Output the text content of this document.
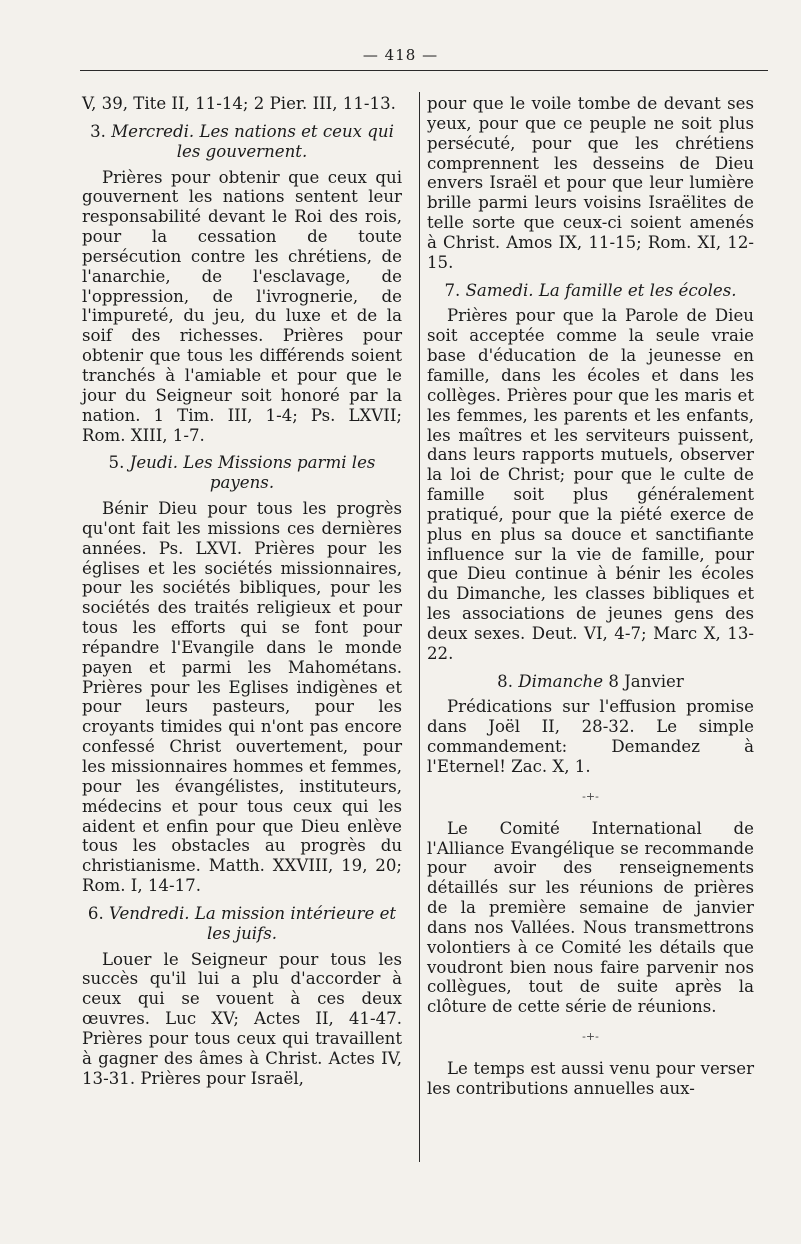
— 418 —

V, 39, Tite II, 11-14; 2 Pier. III, 11-13.

3. Mercredi. Les nations et ceux qui les gouvernent.

Prières pour obtenir que ceux qui gouvernent les nations sentent leur responsabilité devant le Roi des rois, pour la cessation de toute persécution contre les chrétiens, de l'anarchie, de l'esclavage, de l'oppression, de l'ivrognerie, de l'impureté, du jeu, du luxe et de la soif des richesses. Prières pour obtenir que tous les différends soient tranchés à l'amiable et pour que le jour du Seigneur soit honoré par la nation. 1 Tim. III, 1-4; Ps. LXVII; Rom. XIII, 1-7.

5. Jeudi. Les Missions parmi les payens.

Bénir Dieu pour tous les progrès qu'ont fait les missions ces dernières années. Ps. LXVI. Prières pour les églises et les sociétés missionnaires, pour les sociétés bibliques, pour les sociétés des traités religieux et pour tous les efforts qui se font pour répandre l'Evangile dans le monde payen et parmi les Mahométans. Prières pour les Eglises indigènes et pour leurs pasteurs, pour les croyants timides qui n'ont pas encore confessé Christ ouvertement, pour les missionnaires hommes et femmes, pour les évangélistes, instituteurs, médecins et pour tous ceux qui les aident et enfin pour que Dieu enlève tous les obstacles au progrès du christianisme. Matth. XXVIII, 19, 20; Rom. I, 14-17.

6. Vendredi. La mission intérieure et les juifs.

Louer le Seigneur pour tous les succès qu'il lui a plu d'accorder à ceux qui se vouent à ces deux œuvres. Luc XV; Actes II, 41-47. Prières pour tous ceux qui travaillent à gagner des âmes à Christ. Actes IV, 13-31. Prières pour Israël,

pour que le voile tombe de devant ses yeux, pour que ce peuple ne soit plus persécuté, pour que les chrétiens comprennent les desseins de Dieu envers Israël et pour que leur lumière brille parmi leurs voisins Israëlites de telle sorte que ceux-ci soient amenés à Christ. Amos IX, 11-15; Rom. XI, 12-15.

7. Samedi. La famille et les écoles.

Prières pour que la Parole de Dieu soit acceptée comme la seule vraie base d'éducation de la jeunesse en famille, dans les écoles et dans les collèges. Prières pour que les maris et les femmes, les parents et les enfants, les maîtres et les serviteurs puissent, dans leurs rapports mutuels, observer la loi de Christ; pour que le culte de famille soit plus généralement pratiqué, pour que la piété exerce de plus en plus sa douce et sanctifiante influence sur la vie de famille, pour que Dieu continue à bénir les écoles du Dimanche, les classes bibliques et les associations de jeunes gens des deux sexes. Deut. VI, 4-7; Marc X, 13-22.

8. Dimanche 8 Janvier

Prédications sur l'effusion promise dans Joël II, 28-32. Le simple commandement: Demandez à l'Eternel! Zac. X, 1.

-+-

Le Comité International de l'Alliance Evangélique se recommande pour avoir des renseignements détaillés sur les réunions de prières de la première semaine de janvier dans nos Vallées. Nous transmettrons volontiers à ce Comité les détails que voudront bien nous faire parvenir nos collègues, tout de suite après la clôture de cette série de réunions.

-+-

Le temps est aussi venu pour verser les contributions annuelles aux-
